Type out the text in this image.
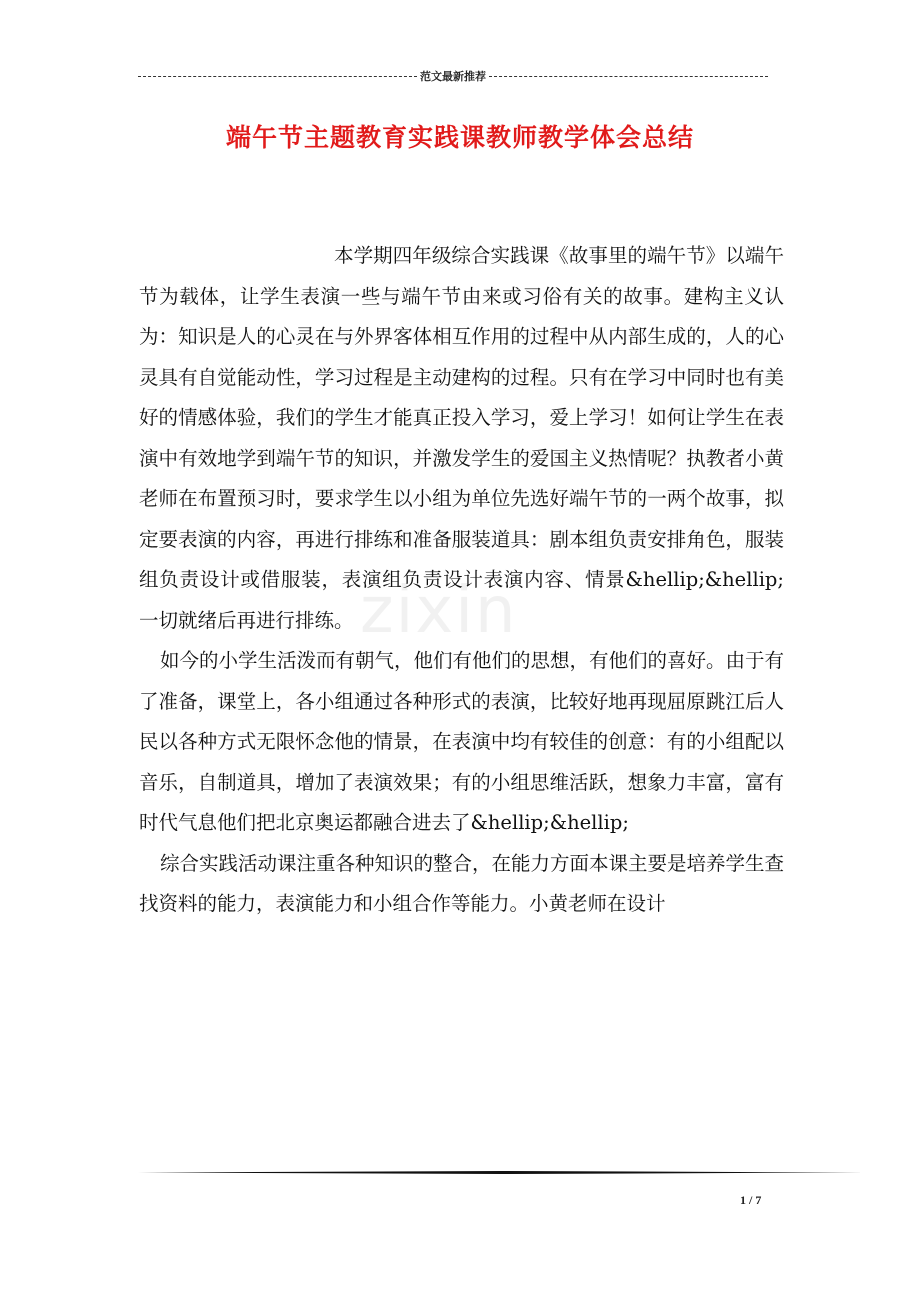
范文最新推荐
端午节主题教育实践课教师教学体会总结
zixin

本学期四年级综合实践课《故事里的端午节》以端午节为载体，让学生表演一些与端午节由来或习俗有关的故事。建构主义认为：知识是人的心灵在与外界客体相互作用的过程中从内部生成的，人的心灵具有自觉能动性，学习过程是主动建构的过程。只有在学习中同时也有美好的情感体验，我们的学生才能真正投入学习，爱上学习！如何让学生在表演中有效地学到端午节的知识，并激发学生的爱国主义热情呢？执教者小黄老师在布置预习时，要求学生以小组为单位先选好端午节的一两个故事，拟定要表演的内容，再进行排练和准备服装道具：剧本组负责安排角色，服装组负责设计或借服装，表演组负责设计表演内容、情景&hellip;&hellip;一切就绪后再进行排练。

如今的小学生活泼而有朝气，他们有他们的思想，有他们的喜好。由于有了准备，课堂上，各小组通过各种形式的表演，比较好地再现屈原跳江后人民以各种方式无限怀念他的情景，在表演中均有较佳的创意：有的小组配以音乐，自制道具，增加了表演效果；有的小组思维活跃，想象力丰富，富有时代气息他们把北京奥运都融合进去了&hellip;&hellip;

综合实践活动课注重各种知识的整合，在能力方面本课主要是培养学生查找资料的能力，表演能力和小组合作等能力。小黄老师在设计

1 / 7
